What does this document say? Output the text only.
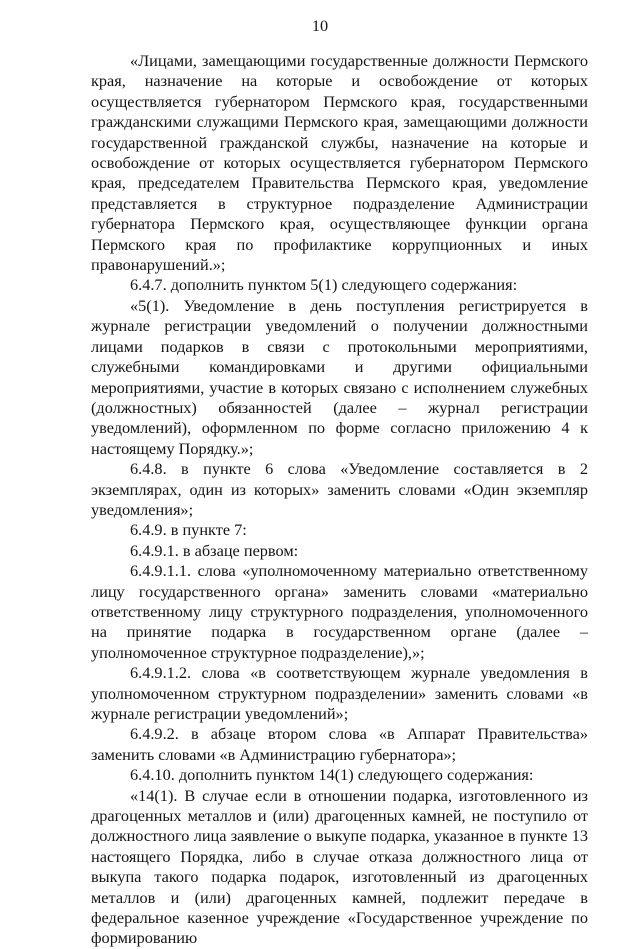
10

«Лицами, замещающими государственные должности Пермского края, назначение на которые и освобождение от которых осуществляется губернатором Пермского края, государственными гражданскими служащими Пермского края, замещающими должности государственной гражданской службы, назначение на которые и освобождение от которых осуществляется губернатором Пермского края, председателем Правительства Пермского края, уведомление представляется в структурное подразделение Администрации губернатора Пермского края, осуществляющее функции органа Пермского края по профилактике коррупционных и иных правонарушений.»;

6.4.7. дополнить пунктом 5(1) следующего содержания:

«5(1). Уведомление в день поступления регистрируется в журнале регистрации уведомлений о получении должностными лицами подарков в связи с протокольными мероприятиями, служебными командировками и другими официальными мероприятиями, участие в которых связано с исполнением служебных (должностных) обязанностей (далее – журнал регистрации уведомлений), оформленном по форме согласно приложению 4 к настоящему Порядку.»;

6.4.8. в пункте 6 слова «Уведомление составляется в 2 экземплярах, один из которых» заменить словами «Один экземпляр уведомления»;

6.4.9. в пункте 7:

6.4.9.1. в абзаце первом:

6.4.9.1.1. слова «уполномоченному материально ответственному лицу государственного органа» заменить словами «материально ответственному лицу структурного подразделения, уполномоченного на принятие подарка в государственном органе (далее – уполномоченное структурное подразделение),»;

6.4.9.1.2. слова «в соответствующем журнале уведомления в уполномоченном структурном подразделении» заменить словами «в журнале регистрации уведомлений»;

6.4.9.2. в абзаце втором слова «в Аппарат Правительства» заменить словами «в Администрацию губернатора»;

6.4.10. дополнить пунктом 14(1) следующего содержания:

«14(1). В случае если в отношении подарка, изготовленного из драгоценных металлов и (или) драгоценных камней, не поступило от должностного лица заявление о выкупе подарка, указанное в пункте 13 настоящего Порядка, либо в случае отказа должностного лица от выкупа такого подарка подарок, изготовленный из драгоценных металлов и (или) драгоценных камней, подлежит передаче в федеральное казенное учреждение «Государственное учреждение по формированию
